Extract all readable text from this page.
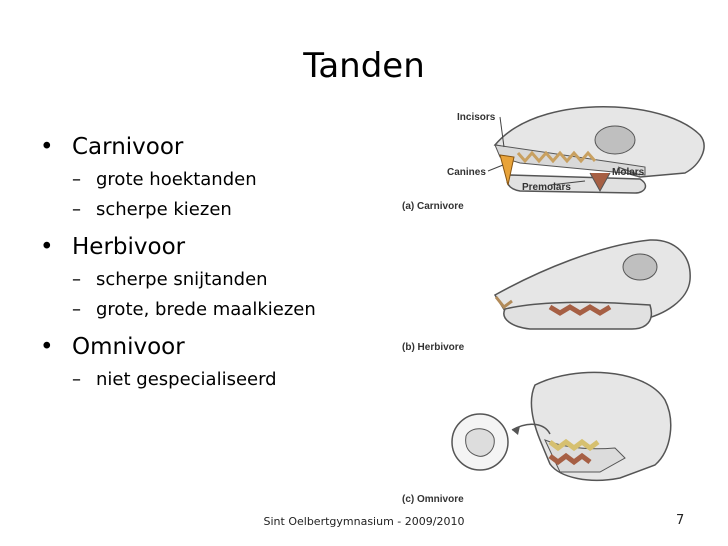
Tanden
• Carnivoor
– grote hoektanden
– scherpe kiezen
• Herbivoor
– scherpe snijtanden
– grote, brede maalkiezen
• Omnivoor
– niet gespecialiseerd
Incisors
Canines
Premolars
Molars
(a) Carnivore
(b) Herbivore
(c) Omnivore
Sint Oelbertgymnasium - 2009/2010	7
